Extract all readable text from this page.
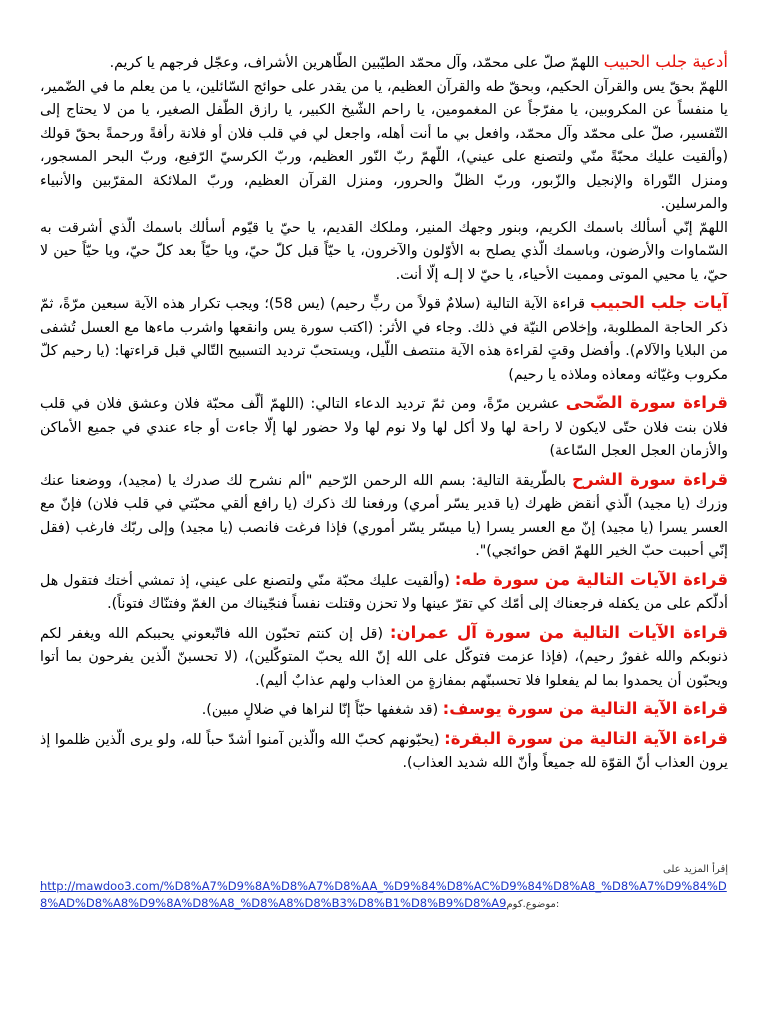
أدعية جلب الحبيب اللهمّ صلّ على محمّد، وآل محمّد الطيّبين الطّاهرين الأشراف، وعجّل فرجهم يا كريم.

اللهمّ بحقّ يس والقرآن الحكيم، وبحقّ طه والقرآن العظيم، يا من يقدر على حوائج السّائلين، يا من يعلم ما في الضّمير، يا منفساً عن المكروبين، يا مفرّجاً عن المغمومين، يا راحم الشّيخ الكبير، يا رازق الطّفل الصغير، يا من لا يحتاج إلى التّفسير، صلّ على محمّد وآل محمّد، وافعل بي ما أنت أهله، واجعل لي في قلب فلان أو فلانة رأفةً ورحمةً بحقّ قولك (وألقيت عليك محبّةً منّي ولتصنع على عيني)، اللّهمّ ربّ النّور العظيم، وربّ الكرسيّ الرّفيع، وربّ البحر المسجور، ومنزل التّوراة والإنجيل والزّبور، وربّ الظلّ والحرور، ومنزل القرآن العظيم، وربّ الملائكة المقرّبين والأنبياء والمرسلين.

اللهمّ إنّي أسألك باسمك الكريم، وبنور وجهك المنير، وملكك القديم، يا حيّ يا قيّوم أسألك باسمك الّذي أشرقت به السّماوات والأرضون، وباسمك الّذي يصلح به الأوّلون والآخرون، يا حيّاً قبل كلّ حيّ، ويا حيّاً بعد كلّ حيّ، ويا حيّاً حين لا حيّ، يا محيي الموتى ومميت الأحياء، يا حيّ لا إلـه إلّا أنت.

آيات جلب الحبيب قراءة الآية التالية (سلامٌ قولاً من ربٍّ رحيم) (يس 58)؛ ويجب تكرار هذه الآية سبعين مرّةً، ثمّ ذكر الحاجة المطلوبة، وإخلاص النيّة في ذلك. وجاء في الأثر: (اكتب سورة يس وانقعها واشرب ماءها مع العسل تُشفى من البلايا والآلام). وأفضل وقتٍ لقراءة هذه الآية منتصف اللّيل، ويستحبّ ترديد التسبيح التّالي قبل قراءتها: (يا رحيم كلّ مكروب وغيّاثه ومعاذه وملاذه يا رحيم)

قراءة سورة الضّحى عشرين مرّةً، ومن ثمّ ترديد الدعاء التالي: (اللهمّ ألّف محبّة فلان وعشق فلان في قلب فلان بنت فلان حتّى لايكون لا راحة لها ولا أكل لها ولا نوم لها ولا حضور لها إلّا جاءت أو جاء عندي في جميع الأماكن والأزمان العجل العجل السّاعة)

قراءة سورة الشرح بالطّريقة التالية: بسم الله الرحمن الرّحيم "ألم نشرح لك صدرك يا (مجيد)، ووضعنا عنك وزرك (يا مجيد) الّذي أنقض ظهرك (يا قدير يسّر أمري) ورفعنا لك ذكرك (يا رافع ألقي محبّتي في قلب فلان) فإنّ مع العسر يسرا (يا مجيد) إنّ مع العسر يسرا (يا ميسّر يسّر أموري) فإذا فرغت فانصب (يا مجيد) وإلى ربّك فارغب (فقل إنّي أحببت حبّ الخير اللهمّ اقض حوائجي)".

قراءة الآيات التالية من سورة طه: (وألقيت عليك محبّة منّي ولتصنع على عيني، إذ تمشي أختك فتقول هل أدلّكم على من يكفله فرجعناك إلى أمّك كي تقرّ عينها ولا تحزن وقتلت نفساً فنجّيناك من الغمّ وفتنّاك فتوناً).

قراءة الآيات التالية من سورة آل عمران: (قل إن كنتم تحبّون الله فاتّبعوني يحببكم الله ويغفر لكم ذنوبكم والله غفورٌ رحيم)، (فإذا عزمت فتوكّل على الله إنّ الله يحبّ المتوكّلين)، (لا تحسبنّ الّذين يفرحون بما أتوا ويحبّون أن يحمدوا بما لم يفعلوا فلا تحسبنّهم بمفازةٍ من العذاب ولهم عذابٌ أليم).

قراءة الآية التالية من سورة يوسف: (قد شغفها حبّاً إنّا لنراها في ضلالٍ مبين).

قراءة الآية التالية من سورة البقرة: (يحبّونهم كحبّ الله والّذين آمنوا أشدّ حباً لله، ولو يرى الّذين ظلموا إذ يرون العذاب أنّ القوّة لله جميعاً وأنّ الله شديد العذاب).

إقرأ المزيد على
http://mawdoo3.com/%D8%A7%D9%8A%D8%A7%D8%AA_%D9%84%D8%AC%D9%84%D8%A8_%D8%A7%D9%84%D8%AD%D8%A8%D9%8A%D8%A8_%D8%A8%D8%B3%D8%B1%D8%B9%D8%A9موضوع.كوم:
